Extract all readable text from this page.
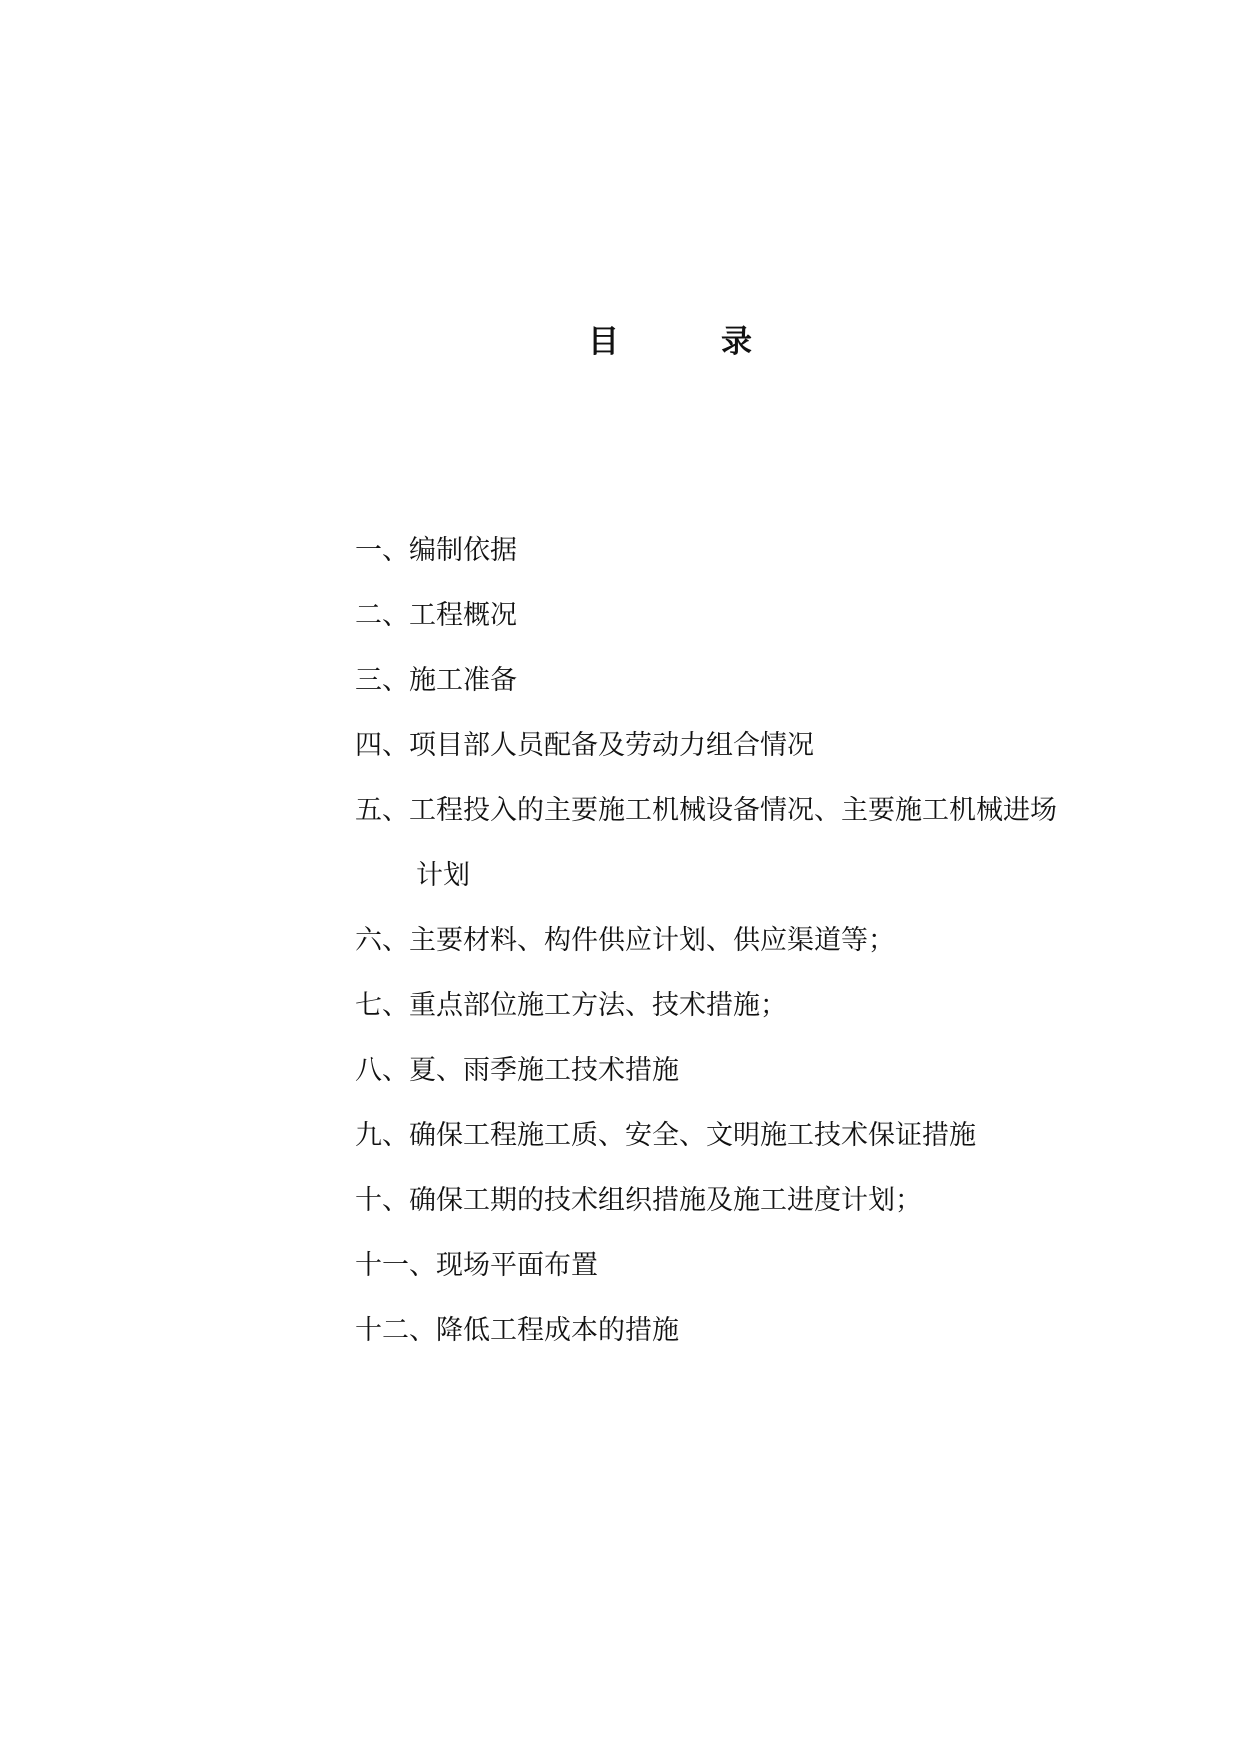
目	录
一、编制依据
二、工程概况
三、施工准备
四、项目部人员配备及劳动力组合情况
五、工程投入的主要施工机械设备情况、主要施工机械进场
计划
六、主要材料、构件供应计划、供应渠道等；
七、重点部位施工方法、技术措施；
八、夏、雨季施工技术措施
九、确保工程施工质、安全、文明施工技术保证措施
十、确保工期的技术组织措施及施工进度计划；
十一、现场平面布置
十二、降低工程成本的措施
